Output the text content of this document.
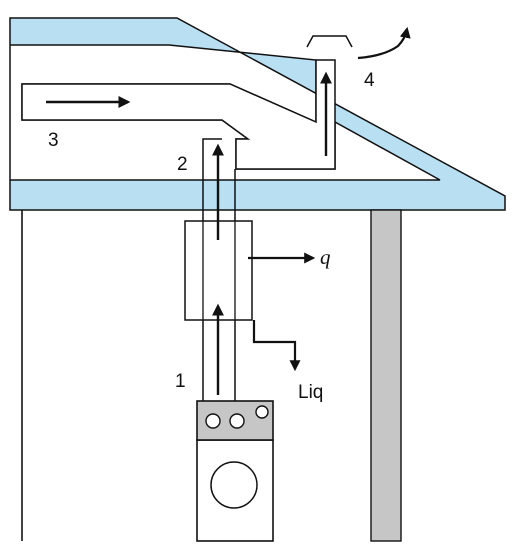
3
2
1
4
q
Liq
